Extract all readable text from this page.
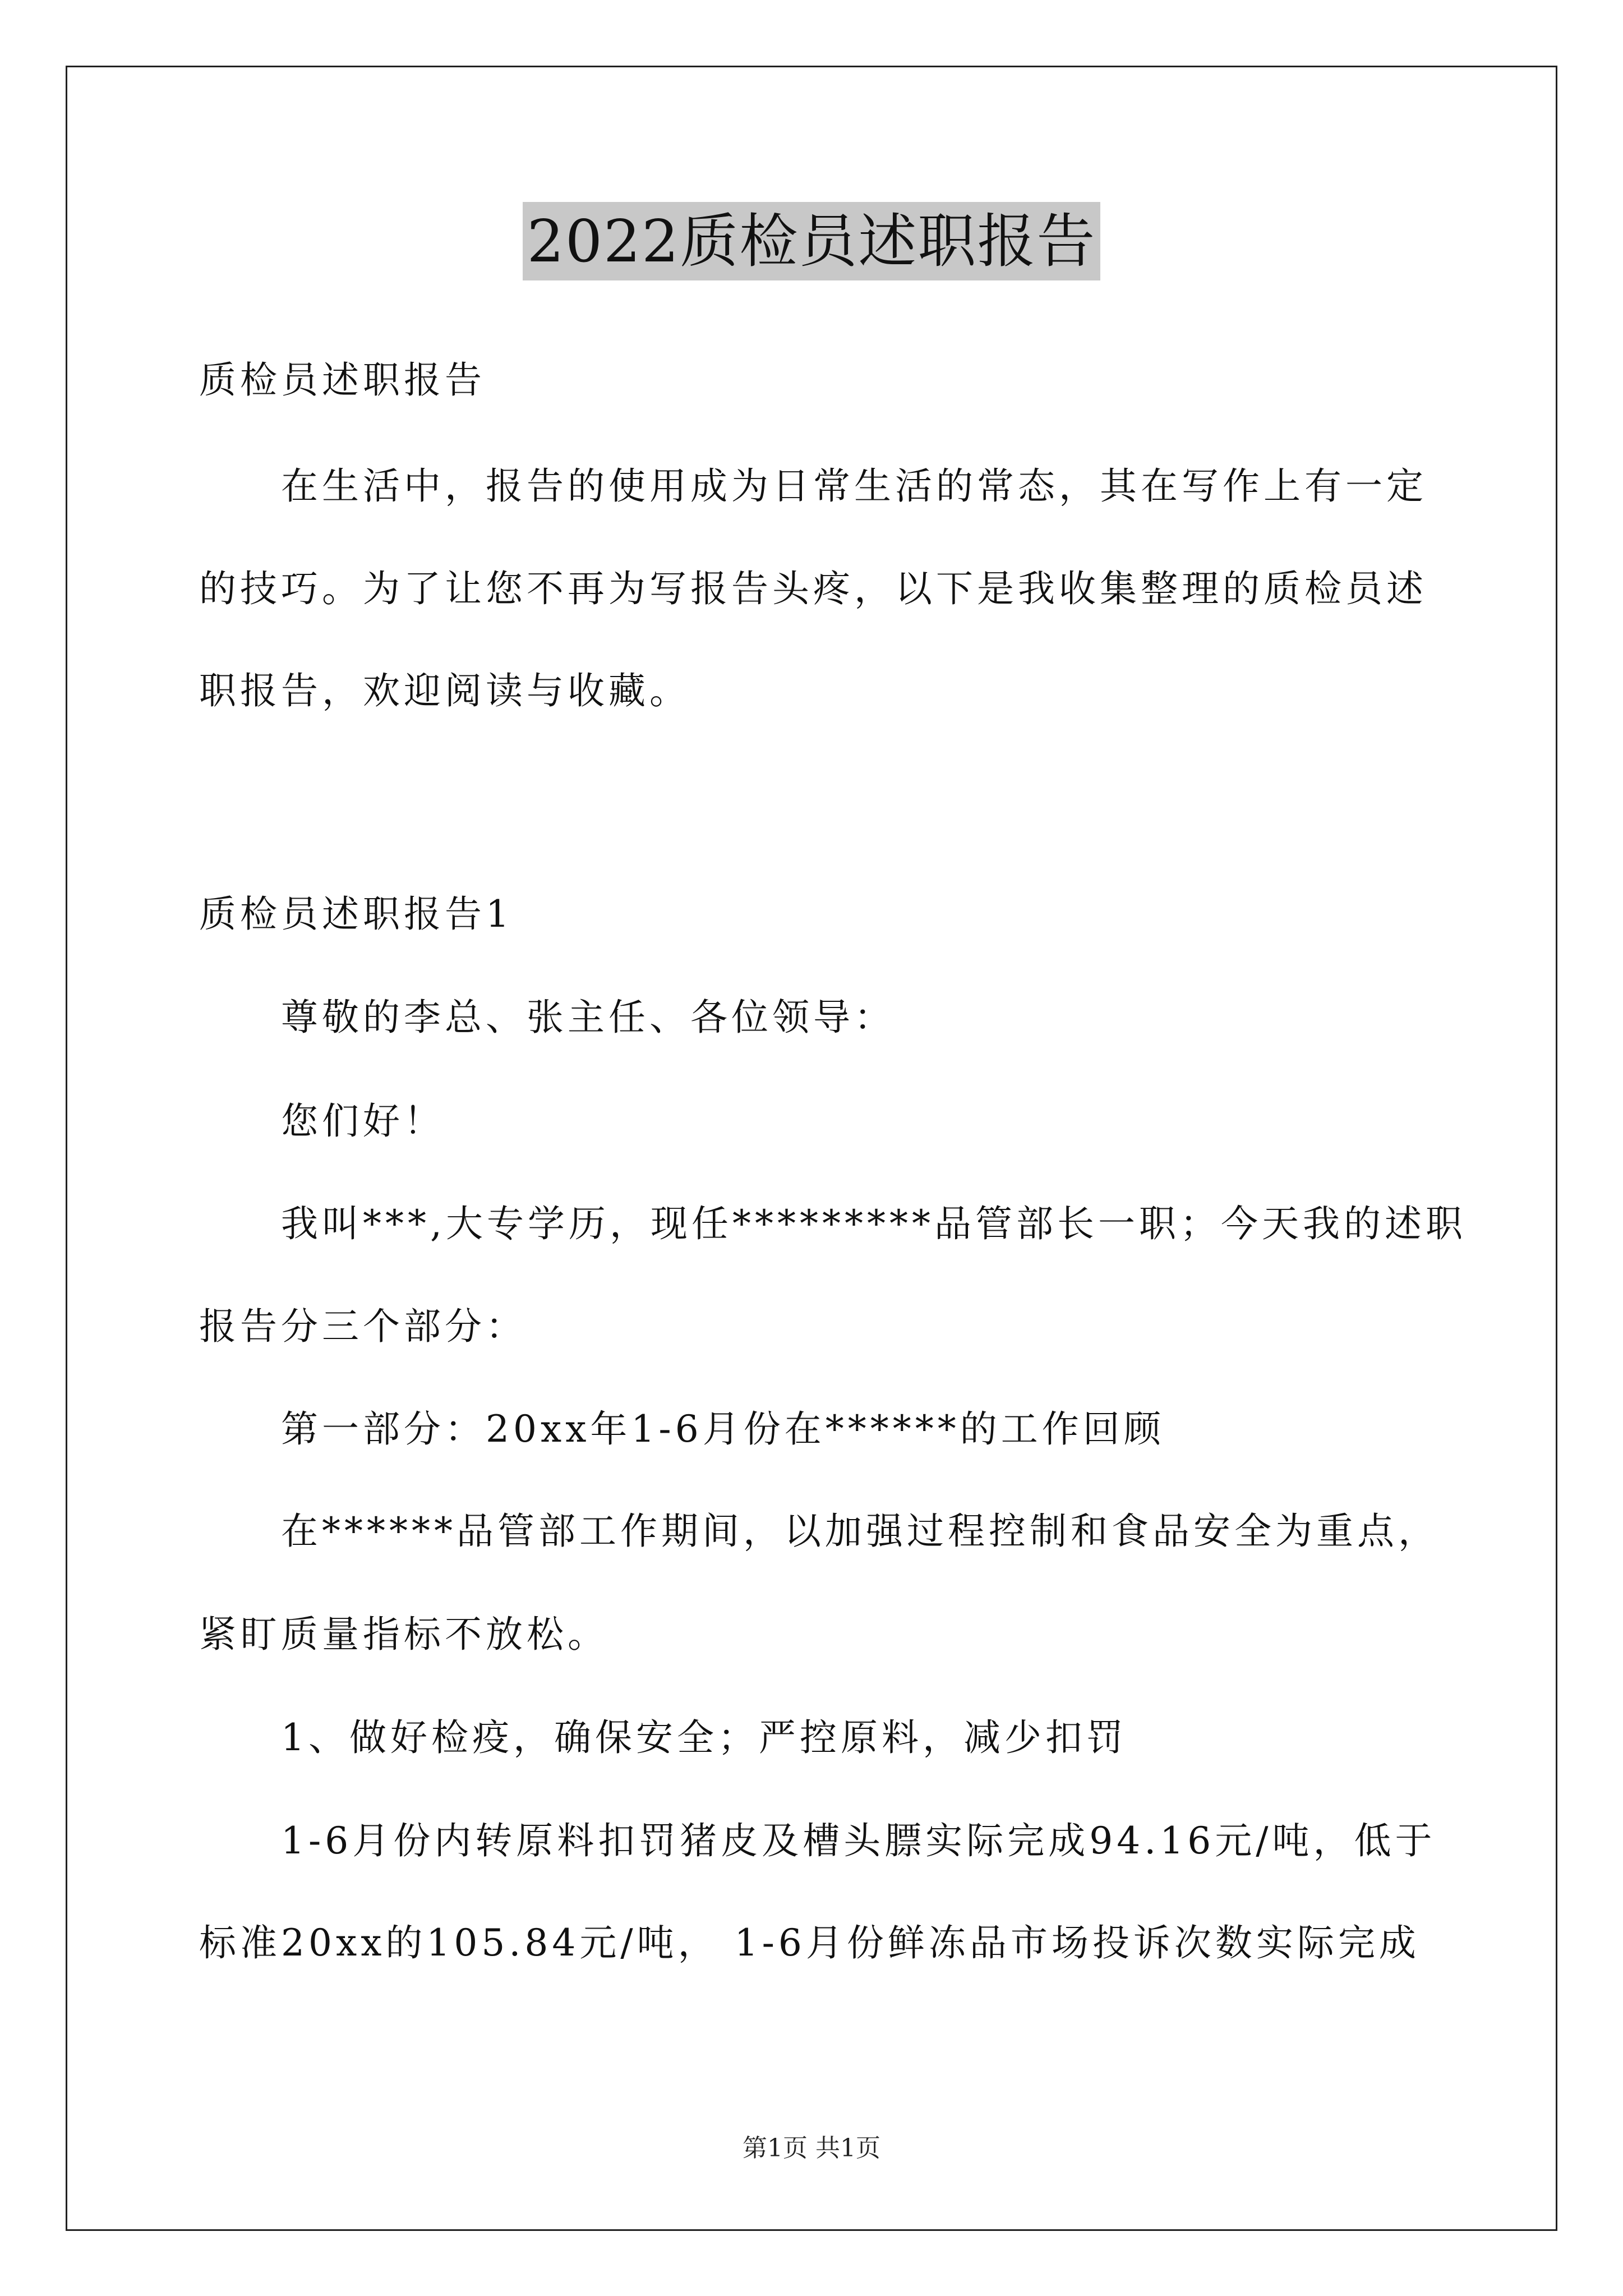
2022质检员述职报告
质检员述职报告
在生活中，报告的使用成为日常生活的常态，其在写作上有一定
的技巧。为了让您不再为写报告头疼，以下是我收集整理的质检员述
职报告，欢迎阅读与收藏。
质检员述职报告1
尊敬的李总、张主任、各位领导：
您们好！
我叫***,大专学历，现任*********品管部长一职；今天我的述职
报告分三个部分：
第一部分：20xx年1-6月份在******的工作回顾
在******品管部工作期间，以加强过程控制和食品安全为重点，
紧盯质量指标不放松。
1、做好检疫，确保安全；严控原料，减少扣罚
1-6月份内转原料扣罚猪皮及槽头膘实际完成94.16元/吨，低于
标准20xx的105.84元/吨， 1-6月份鲜冻品市场投诉次数实际完成
第1页 共1页
